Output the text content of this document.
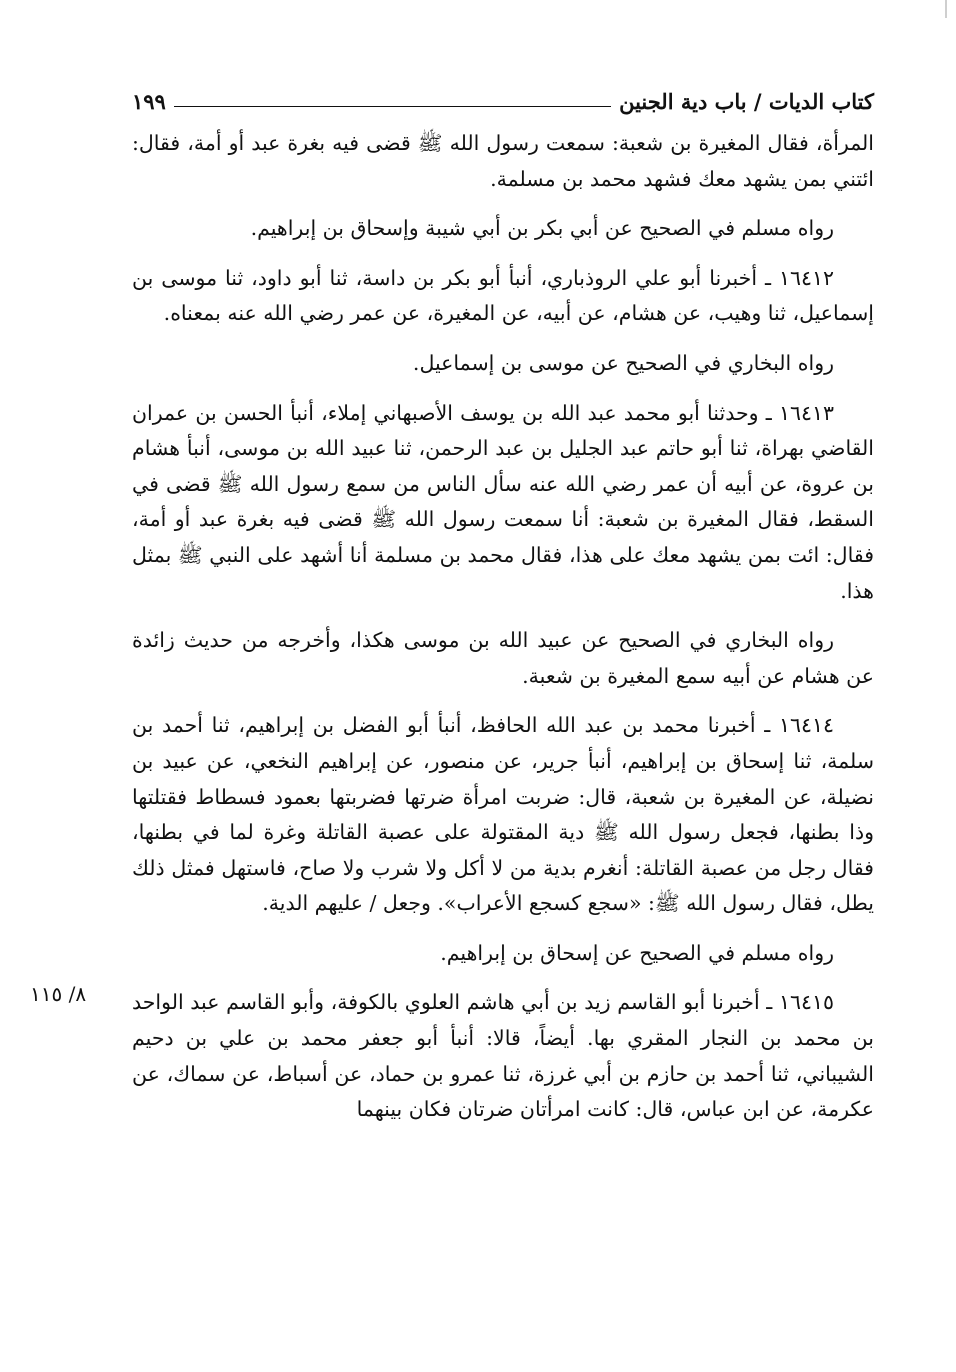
كتاب الديات / باب دية الجنين
١٩٩

المرأة، فقال المغيرة بن شعبة: سمعت رسول الله ﷺ قضى فيه بغرة عبد أو أمة، فقال: ائتني بمن يشهد معك فشهد محمد بن مسلمة.

رواه مسلم في الصحيح عن أبي بكر بن أبي شيبة وإسحاق بن إبراهيم.

١٦٤١٢ ـ أخبرنا أبو علي الروذباري، أنبأ أبو بكر بن داسة، ثنا أبو داود، ثنا موسى بن إسماعيل، ثنا وهيب، عن هشام، عن أبيه، عن المغيرة، عن عمر رضي الله عنه بمعناه.

رواه البخاري في الصحيح عن موسى بن إسماعيل.

١٦٤١٣ ـ وحدثنا أبو محمد عبد الله بن يوسف الأصبهاني إملاء، أنبأ الحسن بن عمران القاضي بهراة، ثنا أبو حاتم عبد الجليل بن عبد الرحمن، ثنا عبيد الله بن موسى، أنبأ هشام بن عروة، عن أبيه أن عمر رضي الله عنه سأل الناس من سمع رسول الله ﷺ قضى في السقط، فقال المغيرة بن شعبة: أنا سمعت رسول الله ﷺ قضى فيه بغرة عبد أو أمة، فقال: ائت بمن يشهد معك على هذا، فقال محمد بن مسلمة أنا أشهد على النبي ﷺ بمثل هذا.

رواه البخاري في الصحيح عن عبيد الله بن موسى هكذا، وأخرجه من حديث زائدة عن هشام عن أبيه سمع المغيرة بن شعبة.

١٦٤١٤ ـ أخبرنا محمد بن عبد الله الحافظ، أنبأ أبو الفضل بن إبراهيم، ثنا أحمد بن سلمة، ثنا إسحاق بن إبراهيم، أنبأ جرير، عن منصور، عن إبراهيم النخعي، عن عبيد بن نضيلة، عن المغيرة بن شعبة، قال: ضربت امرأة ضرتها فضربتها بعمود فسطاط فقتلتها وذا بطنها، فجعل رسول الله ﷺ دية المقتولة على عصبة القاتلة وغرة لما في بطنها، فقال رجل من عصبة القاتلة: أنغرم بدية من لا أكل ولا شرب ولا صاح، فاستهل فمثل ذلك يطل، فقال رسول الله ﷺ: «سجع كسجع الأعراب». وجعل / عليهم الدية.

رواه مسلم في الصحيح عن إسحاق بن إبراهيم.

١٦٤١٥ ـ أخبرنا أبو القاسم زيد بن أبي هاشم العلوي بالكوفة، وأبو القاسم عبد الواحد بن محمد بن النجار المقري بها. أيضاً، قالا: أنبأ أبو جعفر محمد بن علي بن دحيم الشيباني، ثنا أحمد بن حازم بن أبي غرزة، ثنا عمرو بن حماد، عن أسباط، عن سماك، عن عكرمة، عن ابن عباس، قال: كانت امرأتان ضرتان فكان بينهما

٨/ ١١٥
